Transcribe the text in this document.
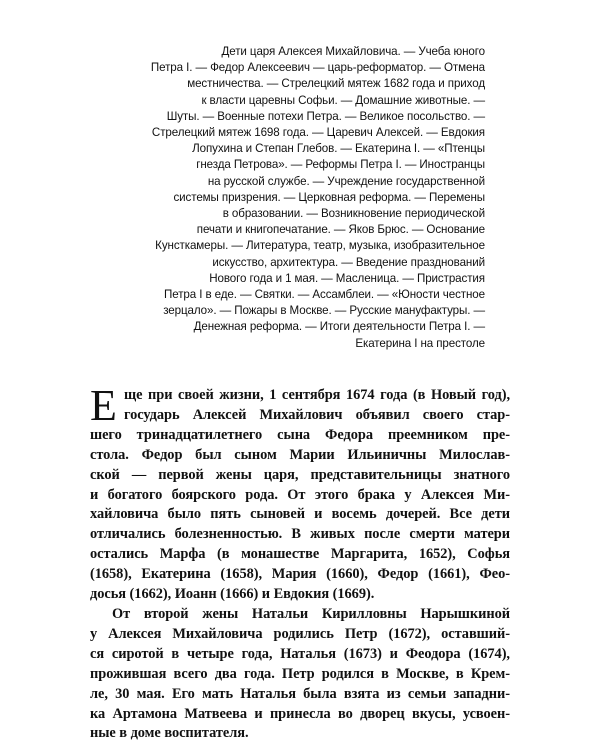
Дети царя Алексея Михайловича. — Учеба юного
Петра I. — Федор Алексеевич — царь-реформатор. — Отмена
местничества. — Стрелецкий мятеж 1682 года и приход
к власти царевны Софьи. — Домашние животные. —
Шуты. — Военные потехи Петра. — Великое посольство. —
Стрелецкий мятеж 1698 года. — Царевич Алексей. — Евдокия
Лопухина и Степан Глебов. — Екатерина I. — «Птенцы
гнезда Петрова». — Реформы Петра I. — Иностранцы
на русской службе. — Учреждение государственной
системы призрения. — Церковная реформа. — Перемены
в образовании. — Возникновение периодической
печати и книгопечатание. — Яков Брюс. — Основание
Кунсткамеры. — Литература, театр, музыка, изобразительное
искусство, архитектура. — Введение празднований
Нового года и 1 мая. — Масленица. — Пристрастия
Петра I в еде. — Святки. — Ассамблеи. — «Юности честное
зерцало». — Пожары в Москве. — Русские мануфактуры. —
Денежная реформа. — Итоги деятельности Петра I. —
Екатерина I на престоле
Е ще при своей жизни, 1 сентября 1674 года (в Новый год),
государь Алексей Михайлович объявил своего стар-
шего тринадцатилетнего сына Федора преемником пре-
стола. Федор был сыном Марии Ильиничны Милослав-
ской — первой жены царя, представительницы знатного
и богатого боярского рода. От этого брака у Алексея Ми-
хайловича было пять сыновей и восемь дочерей. Все дети
отличались болезненностью. В живых после смерти матери
остались Марфа (в монашестве Маргарита, 1652), Софья
(1658), Екатерина (1658), Мария (1660), Федор (1661), Фео-
досья (1662), Иоанн (1666) и Евдокия (1669).
От второй жены Натальи Кирилловны Нарышкиной
у Алексея Михайловича родились Петр (1672), оставший-
ся сиротой в четыре года, Наталья (1673) и Феодора (1674),
прожившая всего два года. Петр родился в Москве, в Крем-
ле, 30 мая. Его мать Наталья была взята из семьи западни-
ка Артамона Матвеева и принесла во дворец вкусы, усвоен-
ные в доме воспитателя.
